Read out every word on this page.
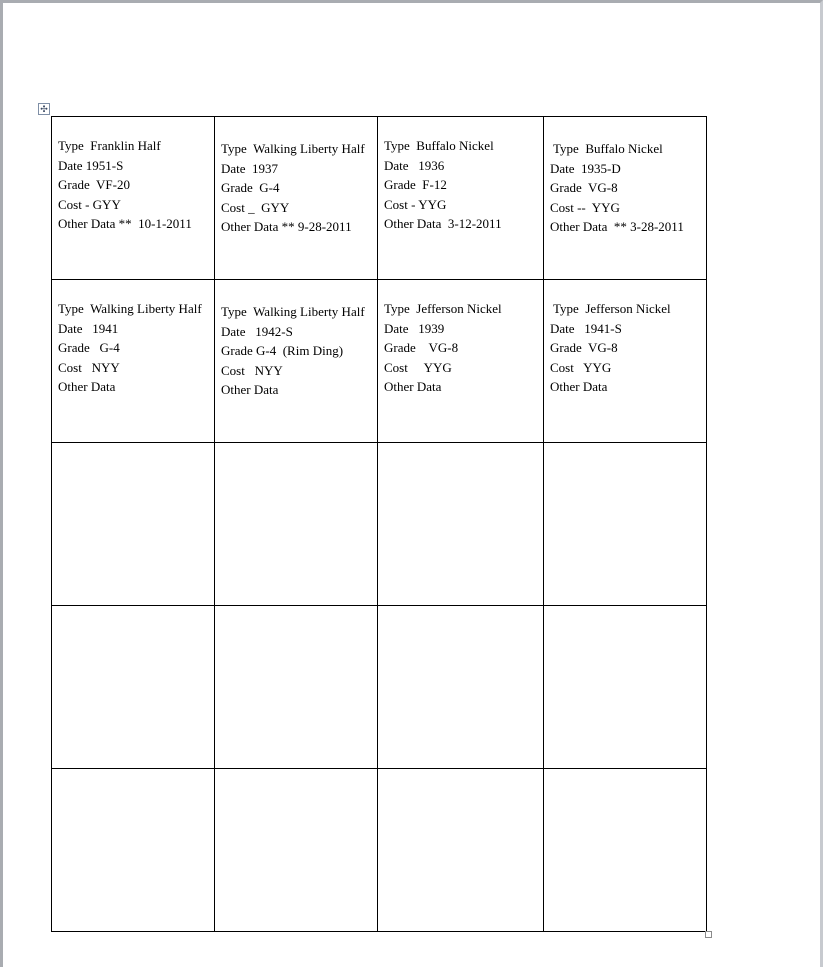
✣
Type  Franklin Half
Date 1951-S
Grade  VF-20
Cost - GYY
Other Data **  10-1-2011	Type  Walking Liberty Half
Date  1937
Grade  G-4
Cost _  GYY
Other Data ** 9-28-2011	Type  Buffalo Nickel
Date   1936
Grade  F-12
Cost - YYG
Other Data  3-12-2011	Type  Buffalo Nickel
Date  1935-D
Grade  VG-8
Cost --  YYG
Other Data  ** 3-28-2011

Type  Walking Liberty Half
Date   1941
Grade   G-4
Cost   NYY
Other Data	Type  Walking Liberty Half
Date   1942-S
Grade G-4  (Rim Ding)
Cost   NYY
Other Data	Type  Jefferson Nickel
Date   1939
Grade    VG-8
Cost     YYG
Other Data	Type  Jefferson Nickel
Date   1941-S
Grade  VG-8
Cost   YYG
Other Data
